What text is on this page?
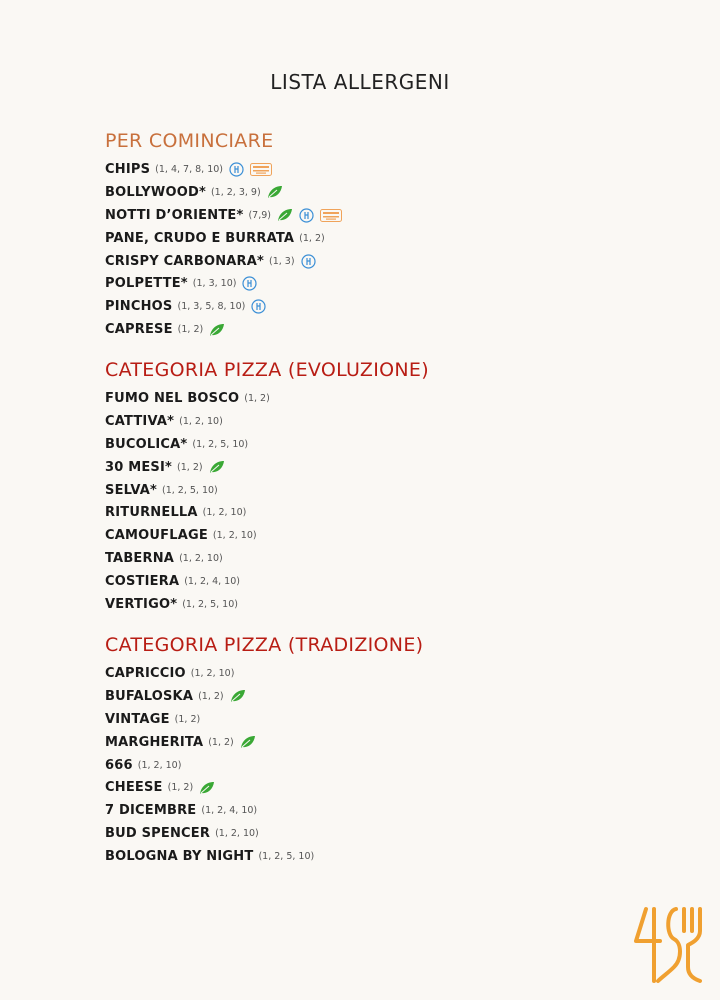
LISTA ALLERGENI
PER COMINCIARE
CHIPS (1, 4, 7, 8, 10)
BOLLYWOOD* (1, 2, 3, 9)
NOTTI D’ORIENTE* (7,9)
PANE, CRUDO E BURRATA (1, 2)
CRISPY CARBONARA* (1, 3)
POLPETTE* (1, 3, 10)
PINCHOS (1, 3, 5, 8, 10)
CAPRESE (1, 2)
CATEGORIA PIZZA (EVOLUZIONE)
FUMO NEL BOSCO (1, 2)
CATTIVA* (1, 2, 10)
BUCOLICA* (1, 2, 5, 10)
30 MESI* (1, 2)
SELVA* (1, 2, 5, 10)
RITURNELLA (1, 2, 10)
CAMOUFLAGE (1, 2, 10)
TABERNA (1, 2, 10)
COSTIERA (1, 2, 4, 10)
VERTIGO* (1, 2, 5, 10)
CATEGORIA PIZZA (TRADIZIONE)
CAPRICCIO (1, 2, 10)
BUFALOSKA (1, 2)
VINTAGE (1, 2)
MARGHERITA (1, 2)
666 (1, 2, 10)
CHEESE (1, 2)
7 DICEMBRE (1, 2, 4, 10)
BUD SPENCER (1, 2, 10)
BOLOGNA BY NIGHT (1, 2, 5, 10)
